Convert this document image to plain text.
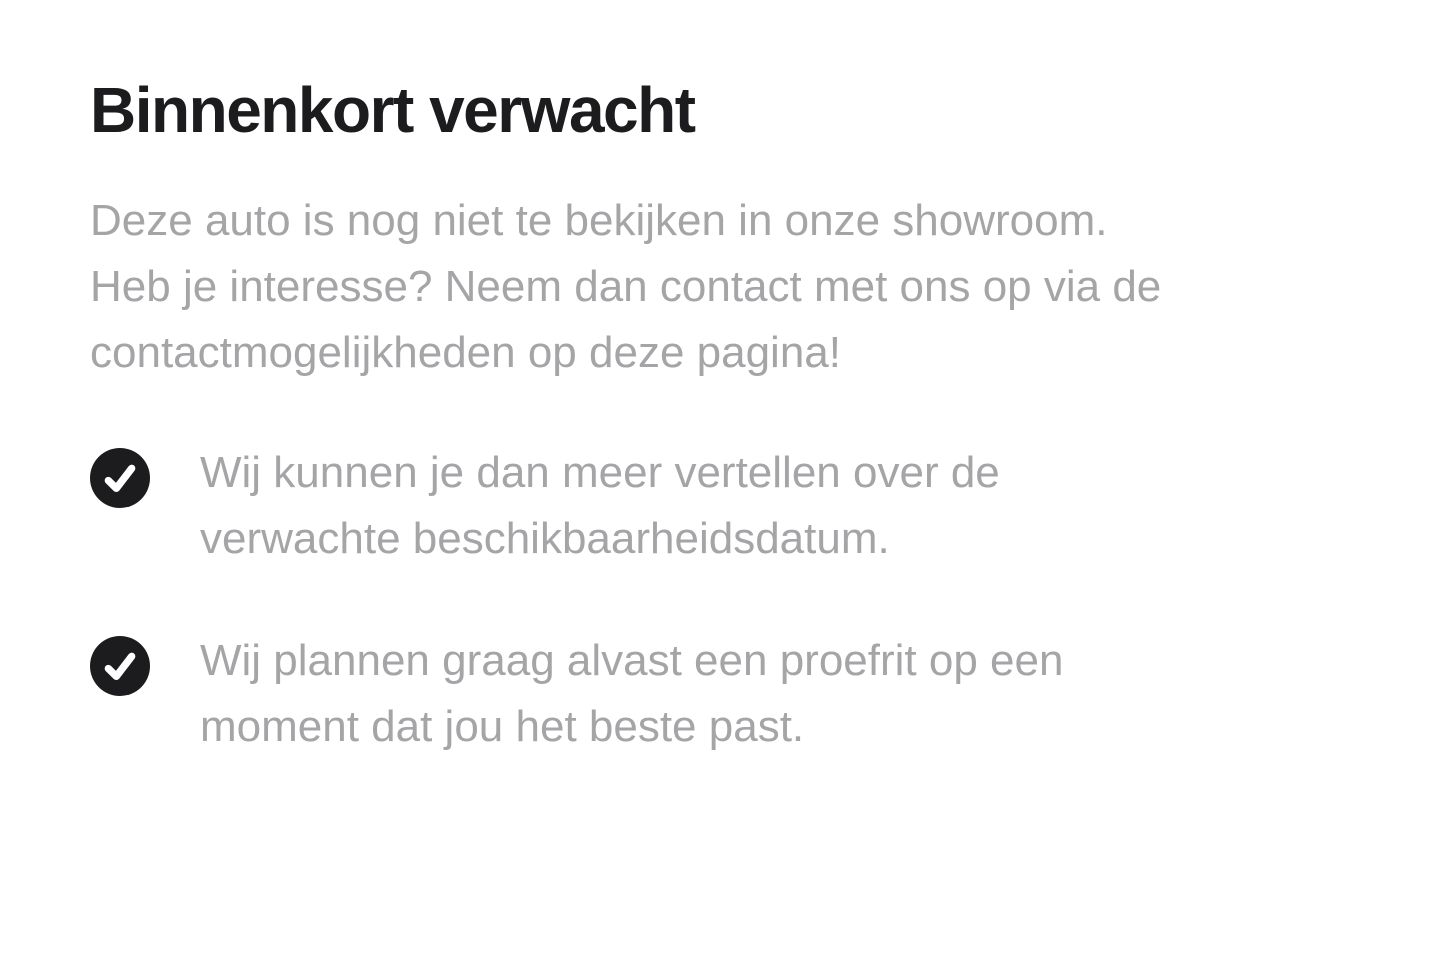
Binnenkort verwacht

Deze auto is nog niet te bekijken in onze showroom.
Heb je interesse? Neem dan contact met ons op via de
contactmogelijkheden op deze pagina!

Wij kunnen je dan meer vertellen over de
verwachte beschikbaarheidsdatum.
Wij plannen graag alvast een proefrit op een
moment dat jou het beste past.
